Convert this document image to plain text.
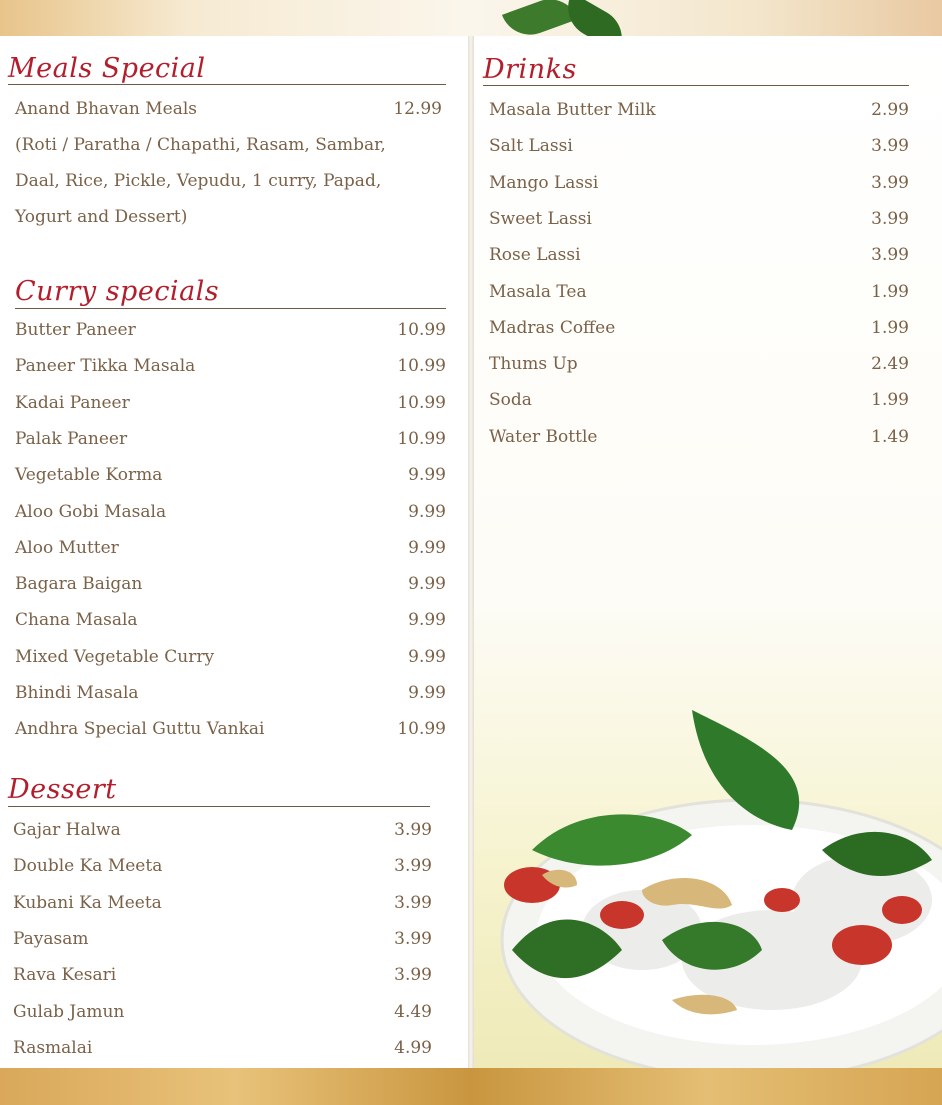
Meals Special
Anand Bhavan Meals	12.99
(Roti / Paratha / Chapathi, Rasam, Sambar, Daal, Rice, Pickle, Vepudu, 1 curry, Papad, Yogurt and Dessert)
Curry specials
Butter Paneer	10.99
Paneer Tikka Masala	10.99
Kadai Paneer	10.99
Palak Paneer	10.99
Vegetable Korma	9.99
Aloo Gobi Masala	9.99
Aloo Mutter	9.99
Bagara Baigan	9.99
Chana Masala	9.99
Mixed Vegetable Curry	9.99
Bhindi Masala	9.99
Andhra Special Guttu Vankai	10.99
Dessert
Gajar Halwa	3.99
Double Ka Meeta	3.99
Kubani Ka Meeta	3.99
Payasam	3.99
Rava Kesari	3.99
Gulab Jamun	4.49
Rasmalai	4.99
Drinks
Masala Butter Milk	2.99
Salt Lassi	3.99
Mango Lassi	3.99
Sweet Lassi	3.99
Rose Lassi	3.99
Masala Tea	1.99
Madras Coffee	1.99
Thums Up	2.49
Soda	1.99
Water Bottle	1.49
